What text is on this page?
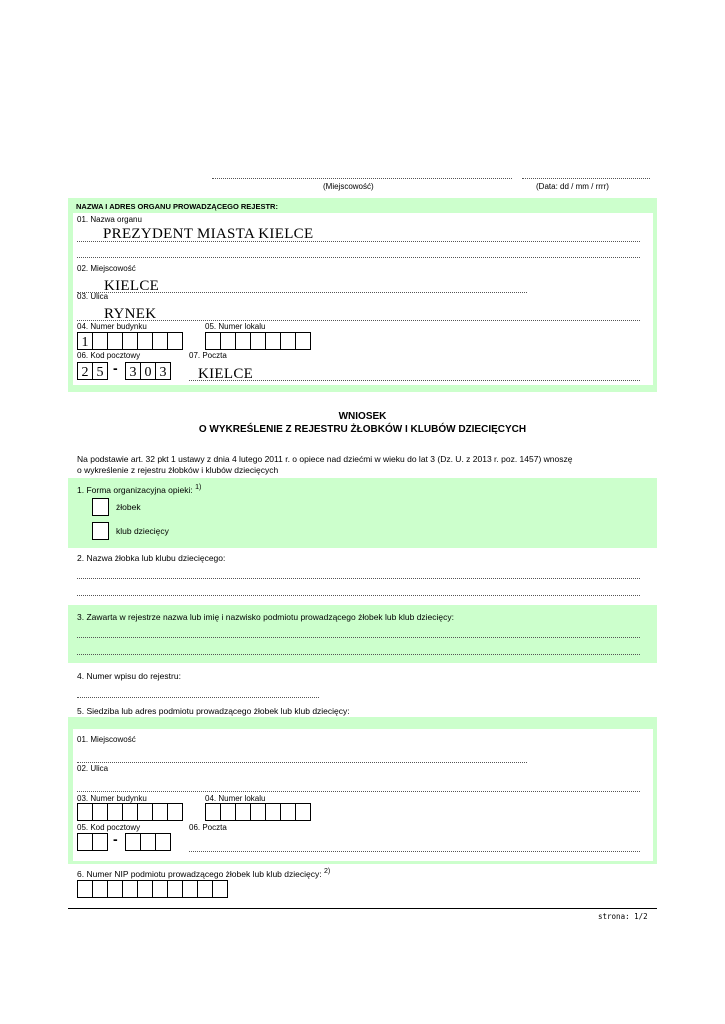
(Miejscowość)	(Data: dd / mm / rrrr)
NAZWA I ADRES ORGANU PROWADZĄCEGO REJESTR:
01. Nazwa organu
PREZYDENT MIASTA KIELCE
02. Miejscowość
KIELCE
03. Ulica
RYNEK
04. Numer budynku	05. Numer lokalu
1
06. Kod pocztowy	07. Poczta
2 5 - 3 0 3	KIELCE
WNIOSEK
O WYKREŚLENIE Z REJESTRU ŻŁOBKÓW I KLUBÓW DZIECIĘCYCH
Na podstawie art. 32 pkt 1 ustawy z dnia 4 lutego 2011 r. o opiece nad dziećmi w wieku do lat 3 (Dz. U. z 2013 r. poz. 1457) wnoszę
o wykreślenie z rejestru żłobków i klubów dziecięcych
1. Forma organizacyjna opieki: $^{1)}$
żłobek
klub dziecięcy
2. Nazwa żłobka lub klubu dziecięcego:
3. Zawarta w rejestrze nazwa lub imię i nazwisko podmiotu prowadzącego żłobek lub klub dziecięcy:
4. Numer wpisu do rejestru:
5. Siedziba lub adres podmiotu prowadzącego żłobek lub klub dziecięcy:
01. Miejscowość
02. Ulica
03. Numer budynku	04. Numer lokalu
05. Kod pocztowy	06. Poczta
-
6. Numer NIP podmiotu prowadzącego żłobek lub klub dziecięcy: $^{2)}$
strona: 1/2
